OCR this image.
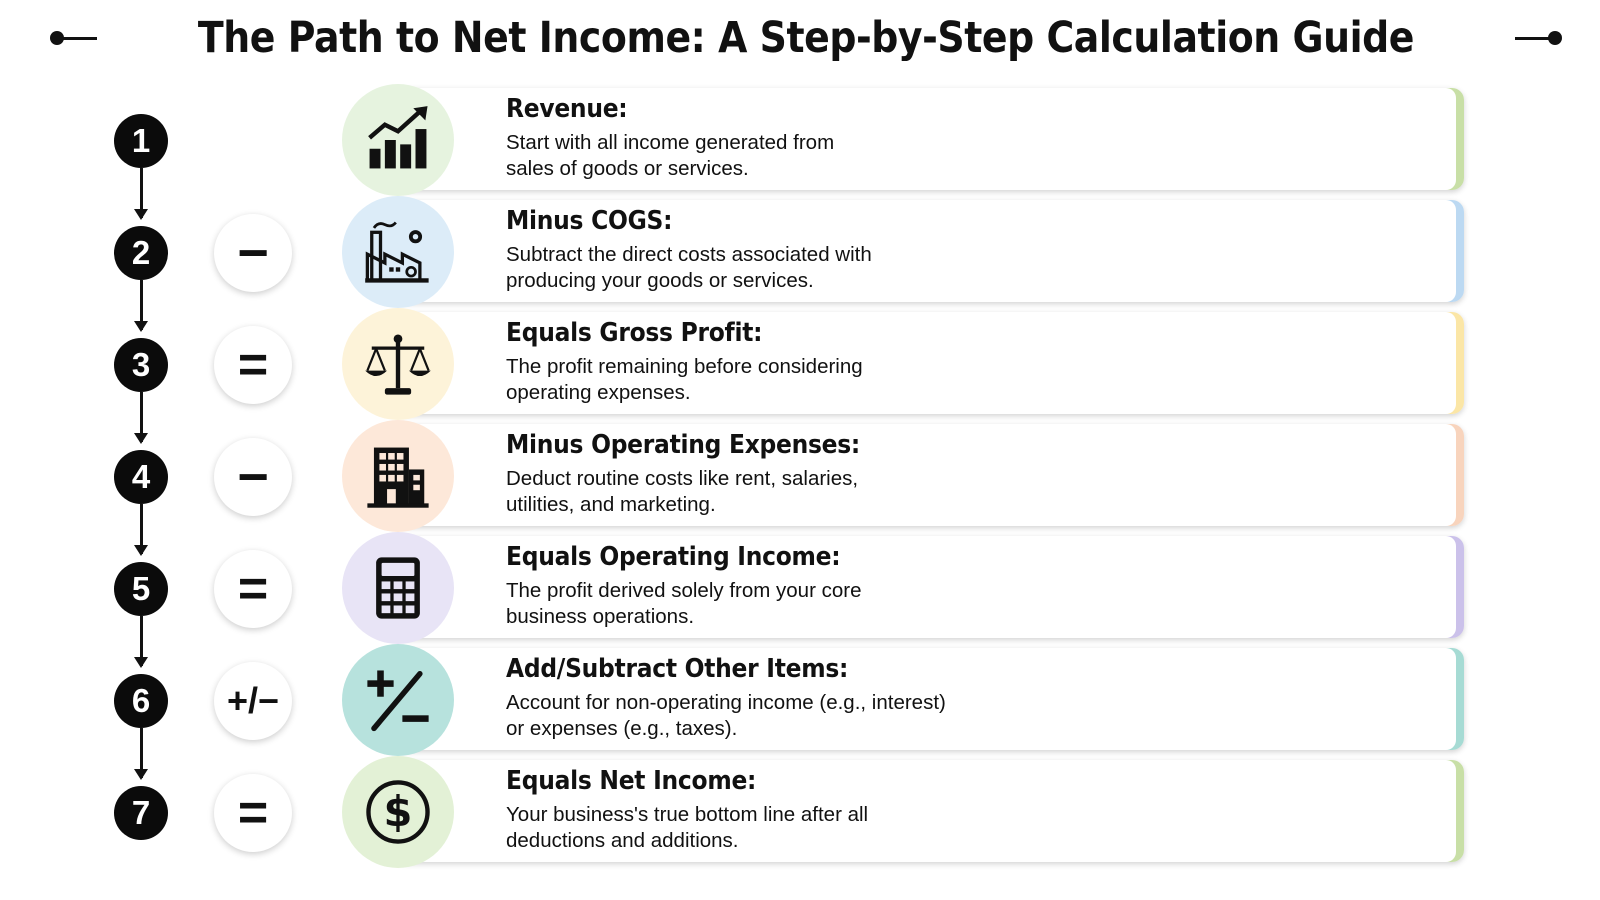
The Path to Net Income: A Step-by-Step Calculation Guide
1
Revenue:
Start with all income generated from
sales of goods or services.
2	−
Minus COGS:
Subtract the direct costs associated with
producing your goods or services.
3	=
Equals Gross Profit:
The profit remaining before considering
operating expenses.
4	−
Minus Operating Expenses:
Deduct routine costs like rent, salaries,
utilities, and marketing.
5	=
Equals Operating Income:
The profit derived solely from your core
business operations.
6	+/−
Add/Subtract Other Items:
Account for non-operating income (e.g., interest)
or expenses (e.g., taxes).
7	=	$
Equals Net Income:
Your business's true bottom line after all
deductions and additions.
